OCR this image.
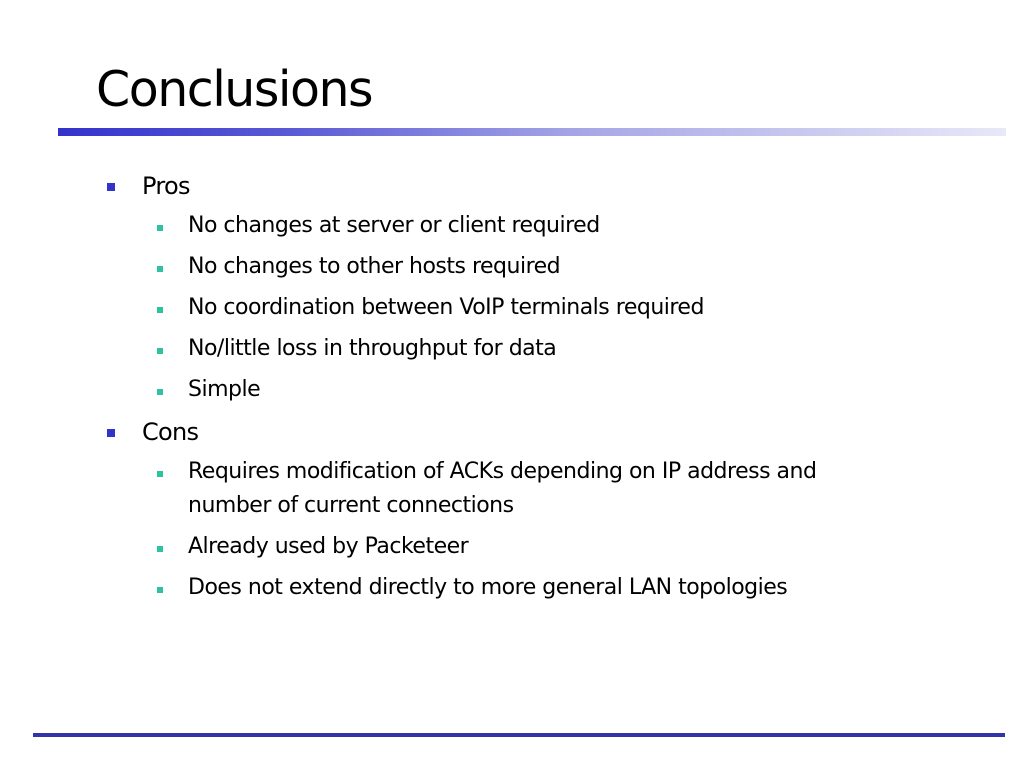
Conclusions
Pros
No changes at server or client required
No changes to other hosts required
No coordination between VoIP terminals required
No/little loss in throughput for data
Simple
Cons
Requires modification of ACKs depending on IP address and
number of current connections
Already used by Packeteer
Does not extend directly to more general LAN topologies
